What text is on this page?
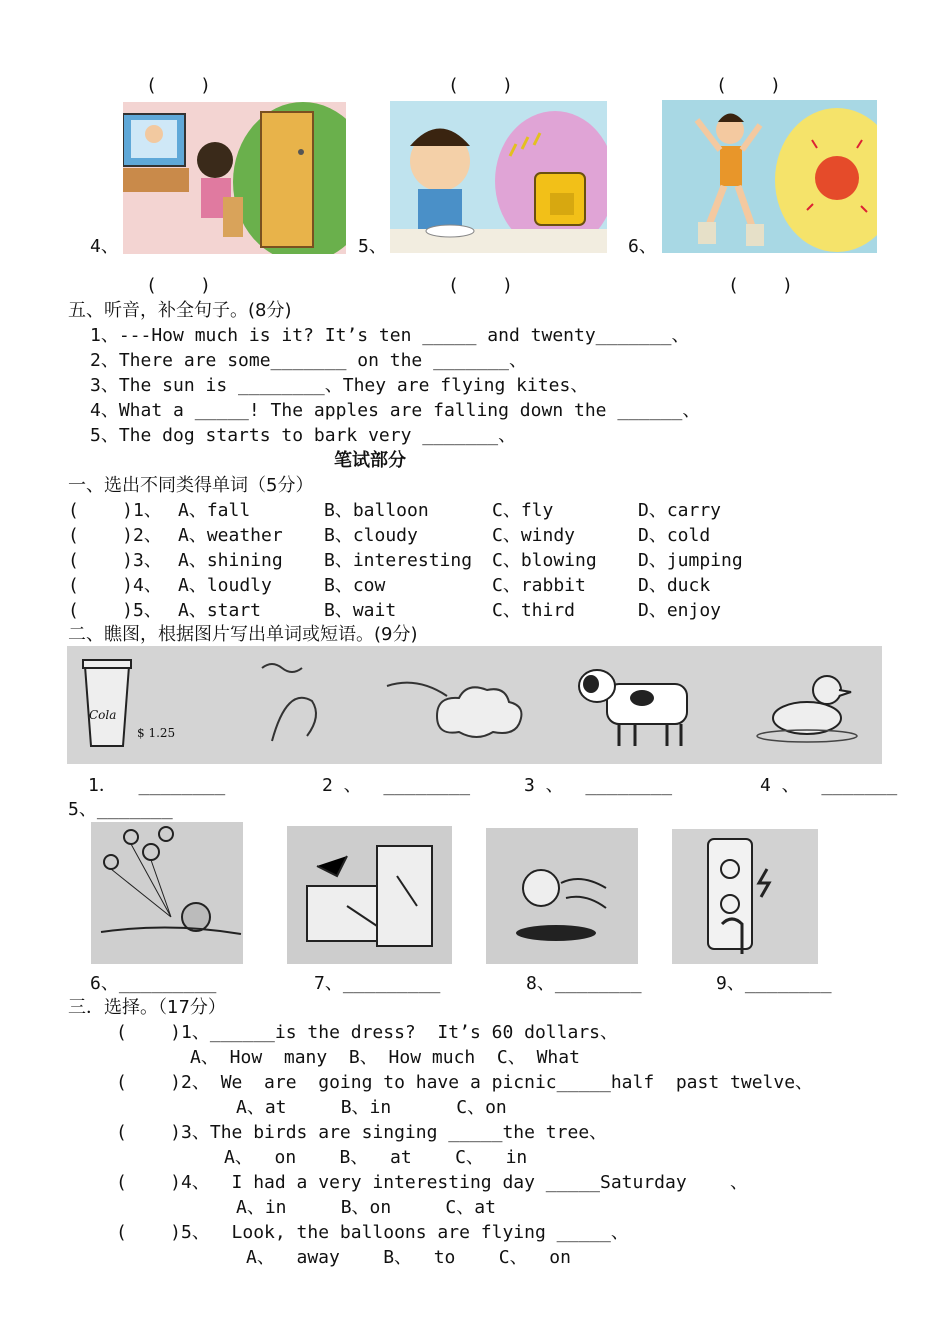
(    )	(    )	(    )
4、	5、	6、
(    )	(    )	(    )
五、听音，补全句子。(8分)
1、---How much is it? It’s ten _____ and twenty_______、
2、There are some_______ on the _______、
3、The sun is ________、They are flying kites、
4、What a _____! The apples are falling down the ______、
5、The dog starts to bark very _______、
笔试部分
一、选出不同类得单词（5分）
(    )1、 A、fall	B、balloon	C、fly	D、carry
(    )2、 A、weather B、cloudy	C、windy	D、cold
(    )3、 A、shining B、interesting C、blowing D、jumping
(    )4、 A、loudly	B、cow	C、rabbit	D、duck
(    )5、 A、start	B、wait	C、third	D、enjoy
二、瞧图，根据图片写出单词或短语。(9分)
Cola
$ 1.25
1．  ________	2 、  ________	3 、  ________	4 、  _______
5、_______
6、_________	7、_________	8、________	9、________
三．选择。（17分）
(    )1、______is the dress?  It’s 60 dollars、
A、 How  many  B、 How much  C、 What
(    )2、 We  are  going to have a picnic_____half  past twelve、
A、at     B、in      C、on
(    )3、The birds are singing _____the tree、
A、  on    B、  at    C、  in
(    )4、  I had a very interesting day _____Saturday    、
A、in     B、on     C、at
(    )5、  Look, the balloons are flying _____、
A、  away    B、  to    C、  on
